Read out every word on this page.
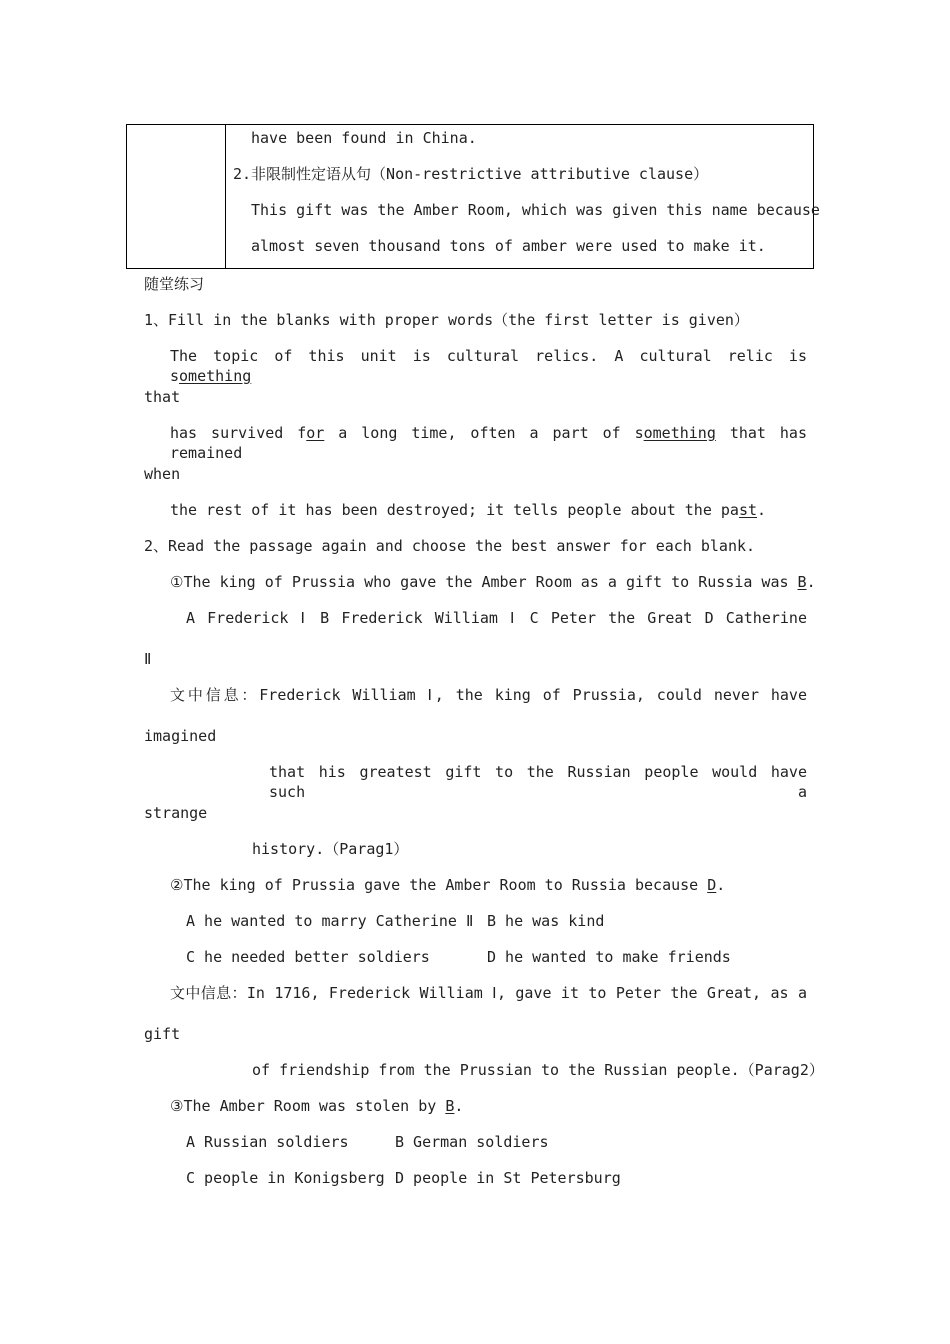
have been found in China.
2.非限制性定语从句（Non-restrictive attributive clause）
This gift was the Amber Room, which was given this name because
almost seven thousand tons of amber were used to make it.
随堂练习
1、Fill in the blanks with proper words（the first letter is given）
The topic of this unit is cultural relics. A cultural relic is something
that
has survived for a long time, often a part of something that has remained
when
the rest of it has been destroyed; it tells people about the past.
2、Read the passage again and choose the best answer for each blank.
①The king of Prussia who gave the Amber Room as a gift to Russia was B.
A Frederick Ⅰ B Frederick William Ⅰ C Peter the Great D Catherine
Ⅱ
文中信息：Frederick William Ⅰ, the king of Prussia, could never have
imagined
that his greatest gift to the Russian people would have such a
strange
history.（Parag1）
②The king of Prussia gave the Amber Room to Russia because D.
A he wanted to marry Catherine Ⅱ B he was kind
C he needed better soldiers	D he wanted to make friends
文中信息：In 1716, Frederick William Ⅰ, gave it to Peter the Great, as a
gift
of friendship from the Prussian to the Russian people.（Parag2）
③The Amber Room was stolen by B.
A Russian soldiers	B German soldiers
C people in Konigsberg D people in St Petersburg
